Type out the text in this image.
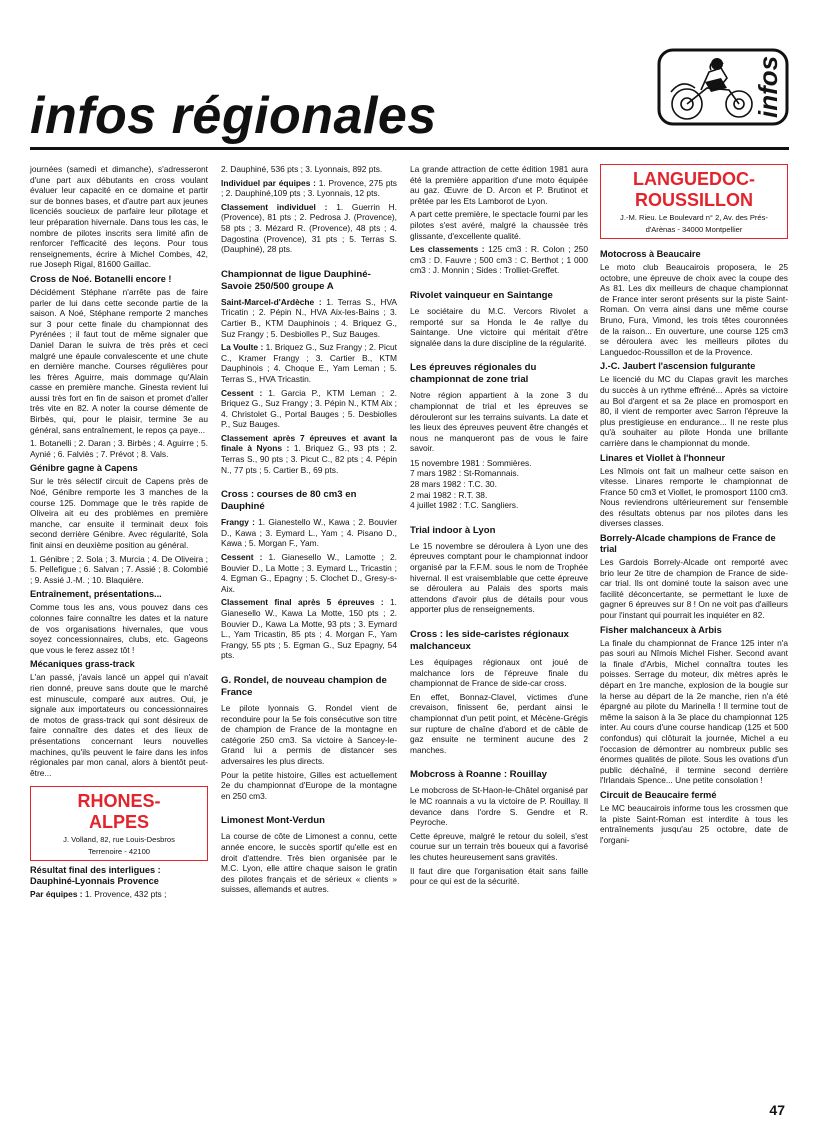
infos
infos régionales

journées (samedi et dimanche), s'adresseront d'une part aux débutants en cross voulant évaluer leur capacité en ce domaine et partir sur de bonnes bases, et d'autre part aux jeunes licenciés soucieux de parfaire leur pilotage et leur préparation hivernale. Dans tous les cas, le nombre de pilotes inscrits sera limité afin de renforcer l'efficacité des leçons. Pour tous renseignements, écrire à Michel Combes, 42, rue Joseph Rigal, 81600 Gaillac.

Cross de Noé. Botanelli encore !

Décidément Stéphane n'arrête pas de faire parler de lui dans cette seconde partie de la saison. A Noé, Stéphane remporte 2 manches sur 3 pour cette finale du championnat des Pyrénées ; il faut tout de même signaler que Daniel Daran le suivra de très près et ceci malgré une épaule convalescente et une chute en dernière manche. Courses régulières pour les frères Aguirre, mais dommage qu'Alain casse en première manche. Ginesta revient lui aussi très fort en fin de saison et promet d'aller très vite en 82. A noter la course démente de Birbès, qui, pour le plaisir, termine 3e au général, sans entraînement, le repos ça paye...

1. Botanelli ; 2. Daran ; 3. Birbès ; 4. Aguirre ; 5. Aynié ; 6. Falviès ; 7. Prévot ; 8. Vals.

Génibre gagne à Capens

Sur le très sélectif circuit de Capens près de Noé, Génibre remporte les 3 manches de la course 125. Dommage que le très rapide de Oliveira ait eu des problèmes en première manche, car ensuite il terminait deux fois second derrière Génibre. Avec régularité, Sola finit ainsi en deuxième position au général.

1. Génibre ; 2. Sola ; 3. Murcia ; 4. De Oliveira ; 5. Pellefigue ; 6. Salvan ; 7. Assié ; 8. Colombié ; 9. Assié J.-M. ; 10. Blaquière.

Entraînement, présentations...

Comme tous les ans, vous pouvez dans ces colonnes faire connaître les dates et la nature de vos organisations hivernales, que vous soyez concessionnaires, clubs, etc. Gageons que vous le ferez assez tôt !

Mécaniques grass-track

L'an passé, j'avais lancé un appel qui n'avait rien donné, preuve sans doute que le marché est minuscule, comparé aux autres. Oui, je signale aux importateurs ou concessionnaires de motos de grass-track qui sont désireux de faire connaître des dates et des lieux de présentations concernant leurs nouvelles machines, qu'ils peuvent le faire dans les infos régionales par mon canal, alors à bientôt peut-être...

RHONES-
ALPES
J. Volland, 82, rue Louis-Desbros
Terrenoire - 42100
Résultat final des interligues : Dauphiné-Lyonnais Provence

Par équipes : 1. Provence, 432 pts ;

2. Dauphiné, 536 pts ; 3. Lyonnais, 892 pts.

Individuel par équipes : 1. Provence, 275 pts ; 2. Dauphiné,109 pts ; 3. Lyonnais, 12 pts.

Classement individuel : 1. Guerrin H. (Provence), 81 pts ; 2. Pedrosa J. (Provence), 58 pts ; 3. Mézard R. (Provence), 48 pts ; 4. Dagostina (Provence), 31 pts ; 5. Terras S. (Dauphiné), 28 pts.

Championnat de ligue Dauphiné-Savoie 250/500 groupe A

Saint-Marcel-d'Ardèche : 1. Terras S., HVA Tricatin ; 2. Pépin N., HVA Aix-les-Bains ; 3. Cartier B., KTM Dauphinois ; 4. Briquez G., Suz Frangy ; 5. Desbiolles P., Suz Bauges.

La Voulte : 1. Briquez G., Suz Frangy ; 2. Picut C., Kramer Frangy ; 3. Cartier B., KTM Dauphinois ; 4. Choque E., Yam Leman ; 5. Terras S., HVA Tricastin.

Cessent : 1. Garcia P., KTM Leman ; 2. Briquez G., Suz Frangy ; 3. Pépin N., KTM Aix ; 4. Christolet G., Portal Bauges ; 5. Desbiolles P., Suz Bauges.

Classement après 7 épreuves et avant la finale à Nyons : 1. Briquez G., 93 pts ; 2. Terras S., 90 pts ; 3. Picut C., 82 pts ; 4. Pépin N., 77 pts ; 5. Cartier B., 69 pts.

Cross : courses de 80 cm3 en Dauphiné

Frangy : 1. Gianestello W., Kawa ; 2. Bouvier D., Kawa ; 3. Eymard L., Yam ; 4. Pisano D., Kawa ; 5. Morgan F., Yam.

Cessent : 1. Gianesello W., Lamotte ; 2. Bouvier D., La Motte ; 3. Eymard L., Tricastin ; 4. Egman G., Epagny ; 5. Clochet D., Gresy-s-Aix.

Classement final après 5 épreuves : 1. Gianesello W., Kawa La Motte, 150 pts ; 2. Bouvier D., Kawa La Motte, 93 pts ; 3. Eymard L., Yam Tricastin, 85 pts ; 4. Morgan F., Yam Frangy, 55 pts ; 5. Egman G., Suz Epagny, 54 pts.

G. Rondel, de nouveau champion de France

Le pilote lyonnais G. Rondel vient de reconduire pour la 5e fois consécutive son titre de champion de France de la montagne en catégorie 250 cm3. Sa victoire à Sancey-le-Grand lui a permis de distancer ses adversaires les plus directs.

Pour la petite histoire, Gilles est actuellement 2e du championnat d'Europe de la montagne en 250 cm3.

Limonest Mont-Verdun

La course de côte de Limonest a connu, cette année encore, le succès sportif qu'elle est en droit d'attendre. Très bien organisée par le M.C. Lyon, elle attire chaque saison le gratin des pilotes français et de sérieux « clients » suisses, allemands et autres.

La grande attraction de cette édition 1981 aura été la première apparition d'une moto équipée au gaz. Œuvre de D. Arcon et P. Brutinot et prêtée par les Ets Lamborot de Lyon.

A part cette première, le spectacle fourni par les pilotes s'est avéré, malgré la chaussée très glissante, d'excellente qualité.

Les classements : 125 cm3 : R. Colon ; 250 cm3 : D. Fauvre ; 500 cm3 : C. Berthot ; 1 000 cm3 : J. Monnin ; Sides : Trolliet-Greffet.

Rivolet vainqueur en Saintange

Le sociétaire du M.C. Vercors Rivolet a remporté sur sa Honda le 4e rallye du Saintange. Une victoire qui méritait d'être signalée dans la dure discipline de la régularité.

Les épreuves régionales du championnat de zone trial

Notre région appartient à la zone 3 du championnat de trial et les épreuves se dérouleront sur les terrains suivants. La date et les lieux des épreuves peuvent être changés et nous ne manqueront pas de vous le faire savoir.

15 novembre 1981 : Sommières.
7 mars 1982 : St-Romannais.
28 mars 1982 : T.C. 30.
2 mai 1982 : R.T. 38.
4 juillet 1982 : T.C. Sangliers.
Trial indoor à Lyon

Le 15 novembre se déroulera à Lyon une des épreuves comptant pour le championnat indoor organisé par la F.F.M. sous le nom de Trophée hivernal. Il est vraisemblable que cette épreuve se déroulera au Palais des sports mais attendons d'avoir plus de détails pour vous apporter plus de renseignements.

Cross : les side-caristes régionaux malchanceux

Les équipages régionaux ont joué de malchance lors de l'épreuve finale du championnat de France de side-car cross.

En effet, Bonnaz-Clavel, victimes d'une crevaison, finissent 6e, perdant ainsi le championnat d'un petit point, et Mécène-Grégis sur rupture de chaîne d'abord et de câble de gaz ensuite ne terminent aucune des 2 manches.

Mobcross à Roanne : Rouillay

Le mobcross de St-Haon-le-Châtel organisé par le MC roannais a vu la victoire de P. Rouillay. Il devance dans l'ordre S. Gendre et R. Peyroche.

Cette épreuve, malgré le retour du soleil, s'est courue sur un terrain très boueux qui a favorisé les chutes heureusement sans gravités.

Il faut dire que l'organisation était sans faille pour ce qui est de la sécurité.

LANGUEDOC-
ROUSSILLON
J.-M. Rieu. Le Boulevard n° 2, Av. des Prés-
d'Arènas - 34000 Montpellier
Motocross à Beaucaire

Le moto club Beaucairois proposera, le 25 octobre, une épreuve de choix avec la coupe des As 81. Les dix meilleurs de chaque championnat de France inter seront présents sur la piste Saint-Roman. On verra ainsi dans une même course Bruno, Fura, Vimond, les trois têtes couronnées de la raison... En ouverture, une course 125 cm3 se déroulera avec les meilleurs pilotes du Languedoc-Roussillon et de la Provence.

J.-C. Jaubert l'ascension fulgurante

Le licencié du MC du Clapas gravit les marches du succès à un rythme effréné... Après sa victoire au Bol d'argent et sa 2e place en promosport en 80, il vient de remporter avec Sarron l'épreuve la plus prestigieuse en endurance... Il ne reste plus qu'à souhaiter au pilote Honda une brillante carrière dans le championnat du monde.

Linares et Viollet à l'honneur

Les Nîmois ont fait un malheur cette saison en vitesse. Linares remporte le championnat de France 50 cm3 et Viollet, le promosport 1100 cm3. Nous reviendrons ultérieurement sur l'ensemble des résultats obtenus par nos pilotes dans les diverses classes.

Borrely-Alcade champions de France de trial

Les Gardois Borrely-Alcade ont remporté avec brio leur 2e titre de champion de France de side-car trial. Ils ont dominé toute la saison avec une facilité déconcertante, se permettant le luxe de gagner 6 épreuves sur 8 ! On ne voit pas d'ailleurs pour l'instant qui pourrait les inquiéter en 82.

Fisher malchanceux à Arbis

La finale du championnat de France 125 inter n'a pas souri au Nîmois Michel Fisher. Second avant la finale d'Arbis, Michel connaîtra toutes les poisses. Serrage du moteur, dix mètres après le départ en 1re manche, explosion de la bougie sur la herse au départ de la 2e manche, rien n'a été épargné au pilote du Marinella ! Il termine tout de même la saison à la 3e place du championnat 125 inter. Au cours d'une course handicap (125 et 500 confondus) qui clôturait la journée, Michel a eu l'occasion de démontrer au nombreux public ses énormes qualités de pilote. Sous les ovations d'un public déchaîné, il termine second derrière l'Irlandais Spence... Une petite consolation !

Circuit de Beaucaire fermé

Le MC beaucairois informe tous les crossmen que la piste Saint-Roman est interdite à tous les entraînements jusqu'au 25 octobre, date de l'organi-

47
